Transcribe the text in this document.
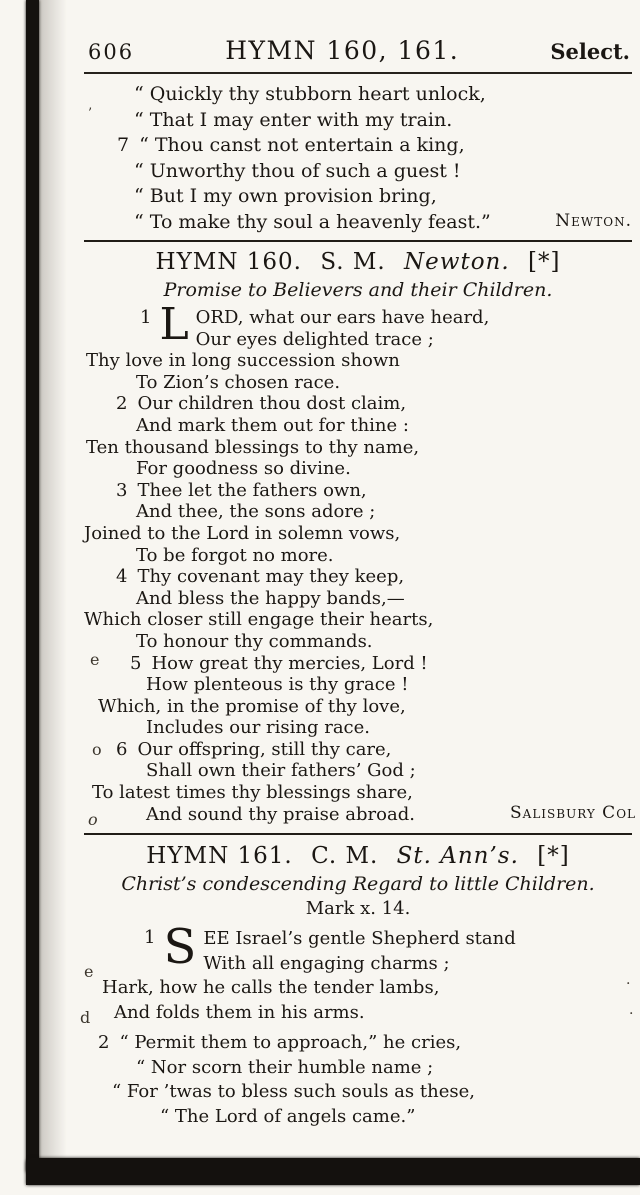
606	HYMN 160, 161.	Select.
“ Quickly thy stubborn heart unlock,
“ That I may enter with my train.
7 “ Thou canst not entertain a king,
“ Unworthy thou of such a guest !
“ But I my own provision bring,
“ To make thy soul a heavenly feast.”	Newton.
HYMN 160. S. M. Newton. [*]
Promise to Believers and their Children.
1 L ORD, what our ears have heard,
Our eyes delighted trace ;
Thy love in long succession shown
To Zion’s chosen race.
2 Our children thou dost claim,
And mark them out for thine :
Ten thousand blessings to thy name,
For goodness so divine.
3 Thee let the fathers own,
And thee, the sons adore ;
Joined to the Lord in solemn vows,
To be forgot no more.
4 Thy covenant may they keep,
And bless the happy bands,—
Which closer still engage their hearts,
To honour thy commands.
5 How great thy mercies, Lord !
How plenteous is thy grace !
Which, in the promise of thy love,
Includes our rising race.
6 Our offspring, still thy care,
Shall own their fathers’ God ;
To latest times thy blessings share,
And sound thy praise abroad.	Salisbury Col
HYMN 161. C. M. St. Ann’s. [*]
Christ’s condescending Regard to little Children.
Mark x. 14.
1 S EE Israel’s gentle Shepherd stand
With all engaging charms ;
Hark, how he calls the tender lambs,
And folds them in his arms.
2 “ Permit them to approach,” he cries,
“ Nor scorn their humble name ;
“ For ’twas to bless such souls as these,
“ The Lord of angels came.”
’
e
o
o
e
d
.
.
